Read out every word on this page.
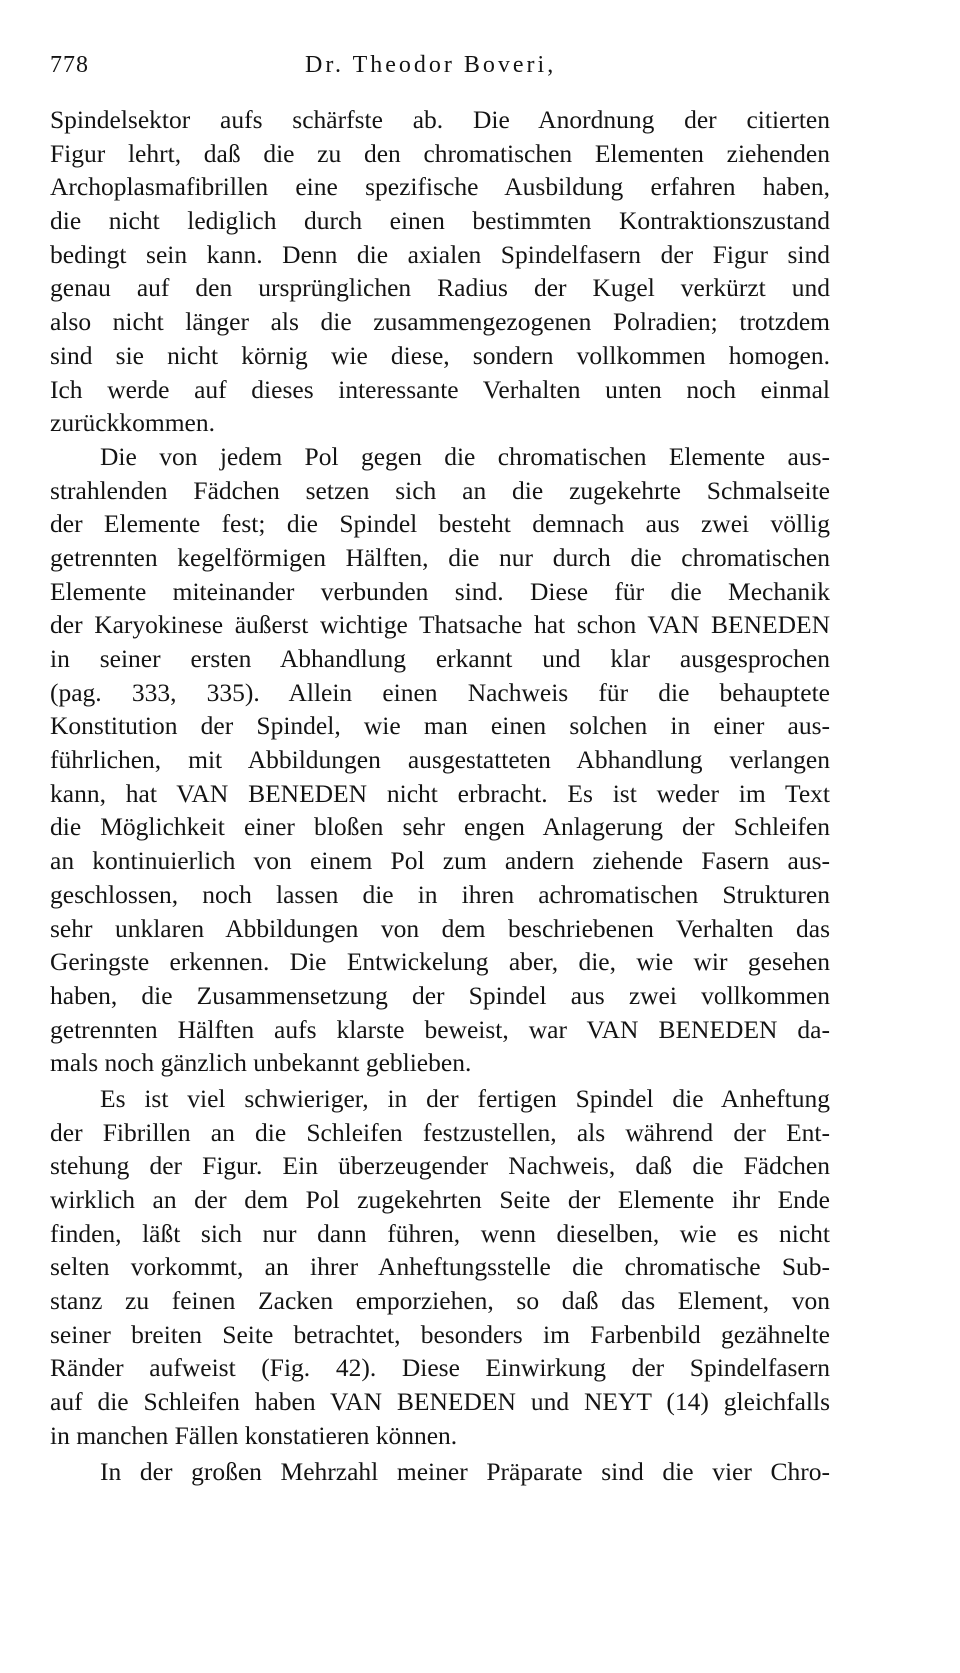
778	Dr. Theodor Boveri,
Spindelsektor aufs schärfste ab. Die Anordnung der citierten
Figur lehrt, daß die zu den chromatischen Elementen ziehenden
Archoplasmafibrillen eine spezifische Ausbildung erfahren haben,
die nicht lediglich durch einen bestimmten Kontraktionszustand
bedingt sein kann. Denn die axialen Spindelfasern der Figur sind
genau auf den ursprünglichen Radius der Kugel verkürzt und
also nicht länger als die zusammengezogenen Polradien; trotzdem
sind sie nicht körnig wie diese, sondern vollkommen homogen.
Ich werde auf dieses interessante Verhalten unten noch einmal
zurückkommen.
Die von jedem Pol gegen die chromatischen Elemente aus-
strahlenden Fädchen setzen sich an die zugekehrte Schmalseite
der Elemente fest; die Spindel besteht demnach aus zwei völlig
getrennten kegelförmigen Hälften, die nur durch die chromatischen
Elemente miteinander verbunden sind. Diese für die Mechanik
der Karyokinese äußerst wichtige Thatsache hat schon VAN BENEDEN
in seiner ersten Abhandlung erkannt und klar ausgesprochen
(pag. 333, 335). Allein einen Nachweis für die behauptete
Konstitution der Spindel, wie man einen solchen in einer aus-
führlichen, mit Abbildungen ausgestatteten Abhandlung verlangen
kann, hat VAN BENEDEN nicht erbracht. Es ist weder im Text
die Möglichkeit einer bloßen sehr engen Anlagerung der Schleifen
an kontinuierlich von einem Pol zum andern ziehende Fasern aus-
geschlossen, noch lassen die in ihren achromatischen Strukturen
sehr unklaren Abbildungen von dem beschriebenen Verhalten das
Geringste erkennen. Die Entwickelung aber, die, wie wir gesehen
haben, die Zusammensetzung der Spindel aus zwei vollkommen
getrennten Hälften aufs klarste beweist, war VAN BENEDEN da-
mals noch gänzlich unbekannt geblieben.
Es ist viel schwieriger, in der fertigen Spindel die Anheftung
der Fibrillen an die Schleifen festzustellen, als während der Ent-
stehung der Figur. Ein überzeugender Nachweis, daß die Fädchen
wirklich an der dem Pol zugekehrten Seite der Elemente ihr Ende
finden, läßt sich nur dann führen, wenn dieselben, wie es nicht
selten vorkommt, an ihrer Anheftungsstelle die chromatische Sub-
stanz zu feinen Zacken emporziehen, so daß das Element, von
seiner breiten Seite betrachtet, besonders im Farbenbild gezähnelte
Ränder aufweist (Fig. 42). Diese Einwirkung der Spindelfasern
auf die Schleifen haben VAN BENEDEN und NEYT (14) gleichfalls
in manchen Fällen konstatieren können.
In der großen Mehrzahl meiner Präparate sind die vier Chro-
